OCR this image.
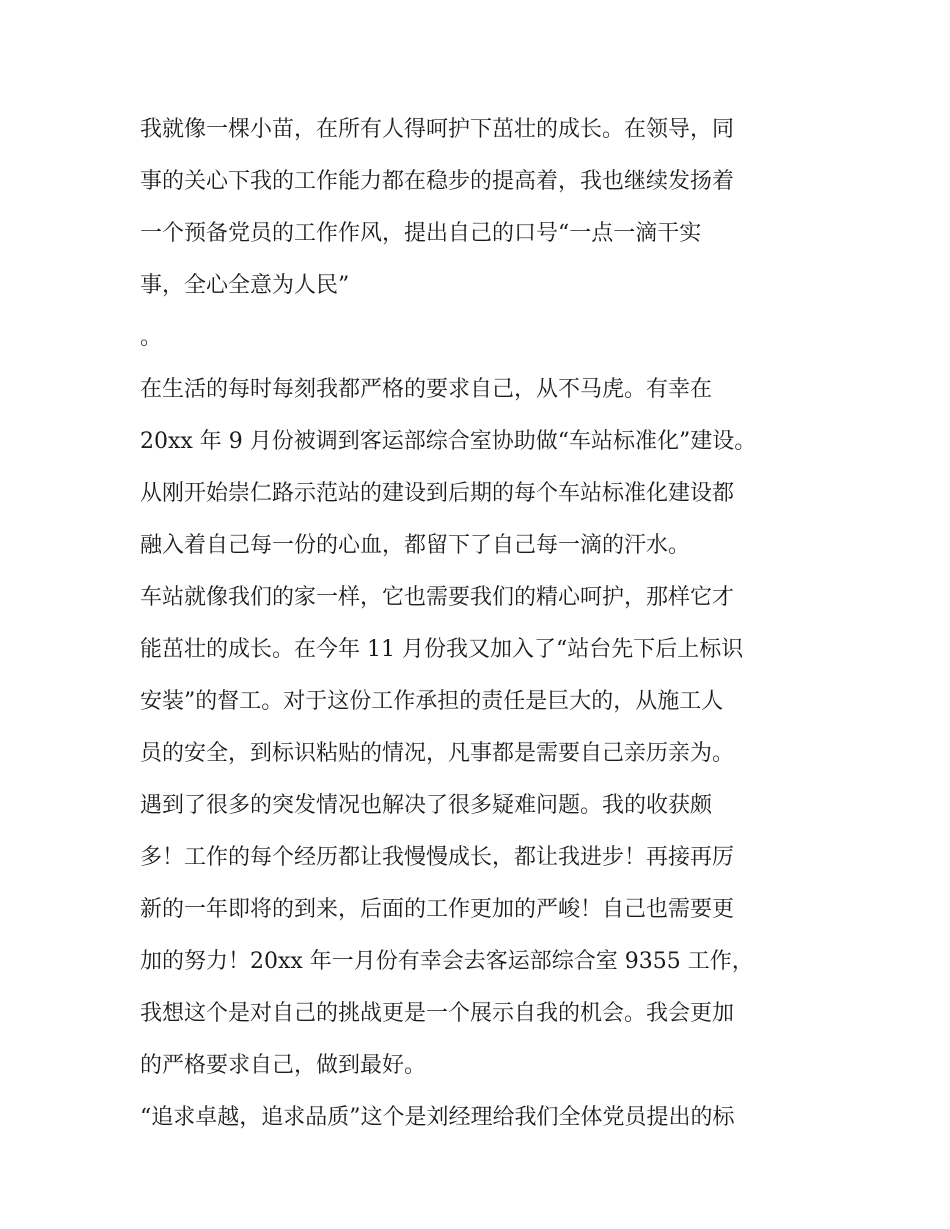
我就像一棵小苗，在所有人得呵护下茁壮的成长。在领导，同
事的关心下我的工作能力都在稳步的提高着，我也继续发扬着
一个预备党员的工作作风，提出自己的口号“一点一滴干实
事，全心全意为人民”
。
在生活的每时每刻我都严格的要求自己，从不马虎。有幸在
20xx 年 9 月份被调到客运部综合室协助做“车站标准化”建设。
从刚开始崇仁路示范站的建设到后期的每个车站标准化建设都
融入着自己每一份的心血，都留下了自己每一滴的汗水。
车站就像我们的家一样，它也需要我们的精心呵护，那样它才
能茁壮的成长。在今年 11 月份我又加入了“站台先下后上标识
安装”的督工。对于这份工作承担的责任是巨大的，从施工人
员的安全，到标识粘贴的情况，凡事都是需要自己亲历亲为。
遇到了很多的突发情况也解决了很多疑难问题。我的收获颇
多！工作的每个经历都让我慢慢成长，都让我进步！再接再厉
新的一年即将的到来，后面的工作更加的严峻！自己也需要更
加的努力！20xx 年一月份有幸会去客运部综合室 9355 工作，
我想这个是对自己的挑战更是一个展示自我的机会。我会更加
的严格要求自己，做到最好。
“追求卓越，追求品质”这个是刘经理给我们全体党员提出的标
